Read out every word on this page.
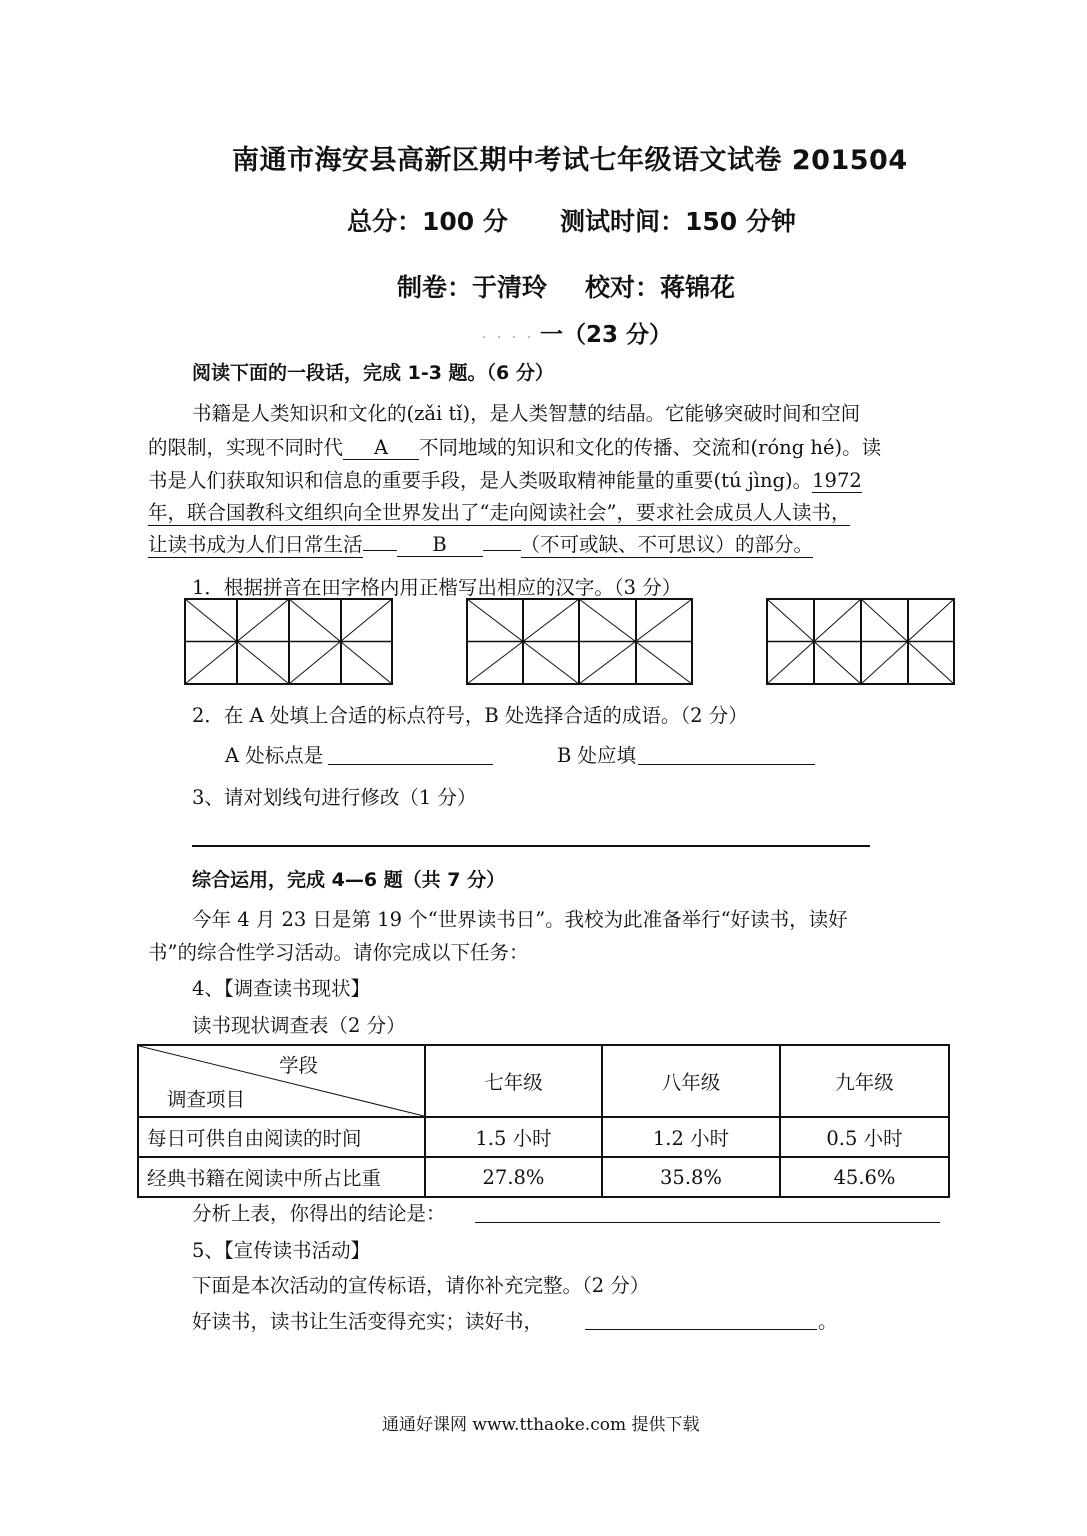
南通市海安县高新区期中考试七年级语文试卷 201504
总分：100 分 测试时间：150 分钟
制卷：于清玲 校对：蒋锦花
. . . . 一（23 分）
阅读下面的一段话，完成 1-3 题。（6 分）
书籍是人类知识和文化的(zǎi tǐ)，是人类智慧的结晶。它能够突破时间和空间
的限制，实现不同时代 A 不同地域的知识和文化的传播、交流和(róng hé)。读
书是人们获取知识和信息的重要手段，是人类吸取精神能量的重要(tú jìng)。1972
年，联合国教科文组织向全世界发出了“走向阅读社会”，要求社会成员人人读书，
让读书成为人们日常生活	B	（不可或缺、不可思议）的部分。
1．根据拼音在田字格内用正楷写出相应的汉字。（3 分）
2．在 A 处填上合适的标点符号，B 处选择合适的成语。（2 分）
A 处标点是	B 处应填
3、请对划线句进行修改（1 分）
综合运用，完成 4—6 题（共 7 分）
今年 4 月 23 日是第 19 个“世界读书日”。我校为此准备举行“好读书，读好
书”的综合性学习活动。请你完成以下任务：
4、【调查读书现状】
读书现状调查表（2 分）
学段
调查项目	七年级	八年级	九年级
每日可供自由阅读的时间	1.5 小时	1.2 小时	0.5 小时
经典书籍在阅读中所占比重	27.8%	35.8%	45.6%
分析上表，你得出的结论是：
5、【宣传读书活动】
下面是本次活动的宣传标语，请你补充完整。（2 分）
好读书，读书让生活变得充实；读好书，	。
通通好课网 www.tthaoke.com 提供下载
